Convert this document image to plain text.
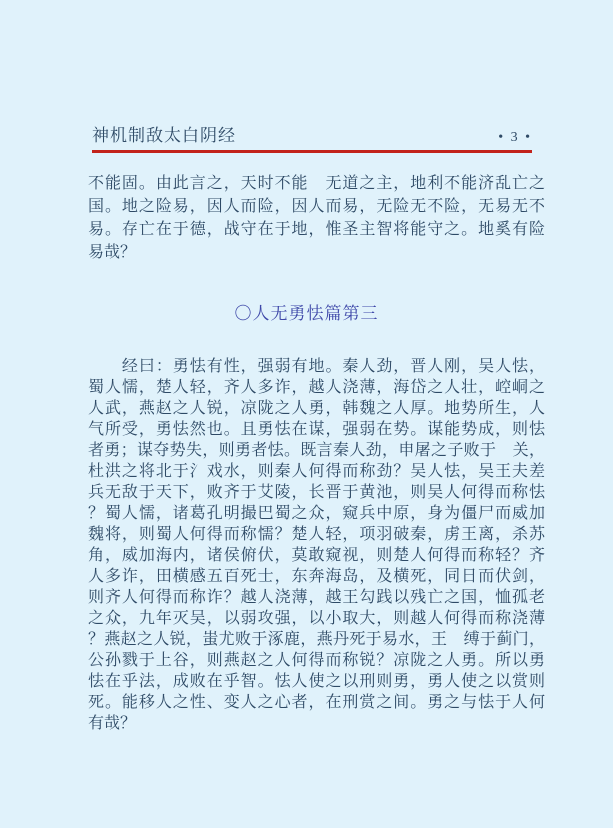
神机制敌太白阴经	• 3 •
不能固。由此言之，天时不能　无道之主，地利不能济乱亡之
国。地之险易，因人而险，因人而易，无险无不险，无易无不
易。存亡在于德，战守在于地，惟圣主智将能守之。地奚有险
易哉？
〇人无勇怯篇第三
　　经曰：勇怯有性，强弱有地。秦人劲，晋人刚，吴人怯，
蜀人懦，楚人轻，齐人多诈，越人浇薄，海岱之人壮，崆峒之
人武，燕赵之人锐，凉陇之人勇，韩魏之人厚。地势所生，人
气所受，勇怯然也。且勇怯在谋，强弱在势。谋能势成，则怯
者勇；谋夺势失，则勇者怯。既言秦人劲，申屠之子败于　关，
杜洪之将北于氵戏水，则秦人何得而称劲？吴人怯，吴王夫差
兵无敌于天下，败齐于艾陵，长晋于黄池，则吴人何得而称怯
？蜀人懦，诸葛孔明撮巴蜀之众，窥兵中原，身为僵尸而威加
魏将，则蜀人何得而称懦？楚人轻，项羽破秦，虏王离，杀苏
角，威加海内，诸侯俯伏，莫敢窥视，则楚人何得而称轻？齐
人多诈，田横感五百死士，东奔海岛，及横死，同日而伏剑，
则齐人何得而称诈？越人浇薄，越王勾践以残亡之国，恤孤老
之众，九年灭吴，以弱攻强，以小取大，则越人何得而称浇薄
？燕赵之人锐，蚩尤败于涿鹿，燕丹死于易水，王　缚于蓟门，
公孙戮于上谷，则燕赵之人何得而称锐？凉陇之人勇。所以勇
怯在乎法，成败在乎智。怯人使之以刑则勇，勇人使之以赏则
死。能移人之性、变人之心者，在刑赏之间。勇之与怯于人何
有哉？
